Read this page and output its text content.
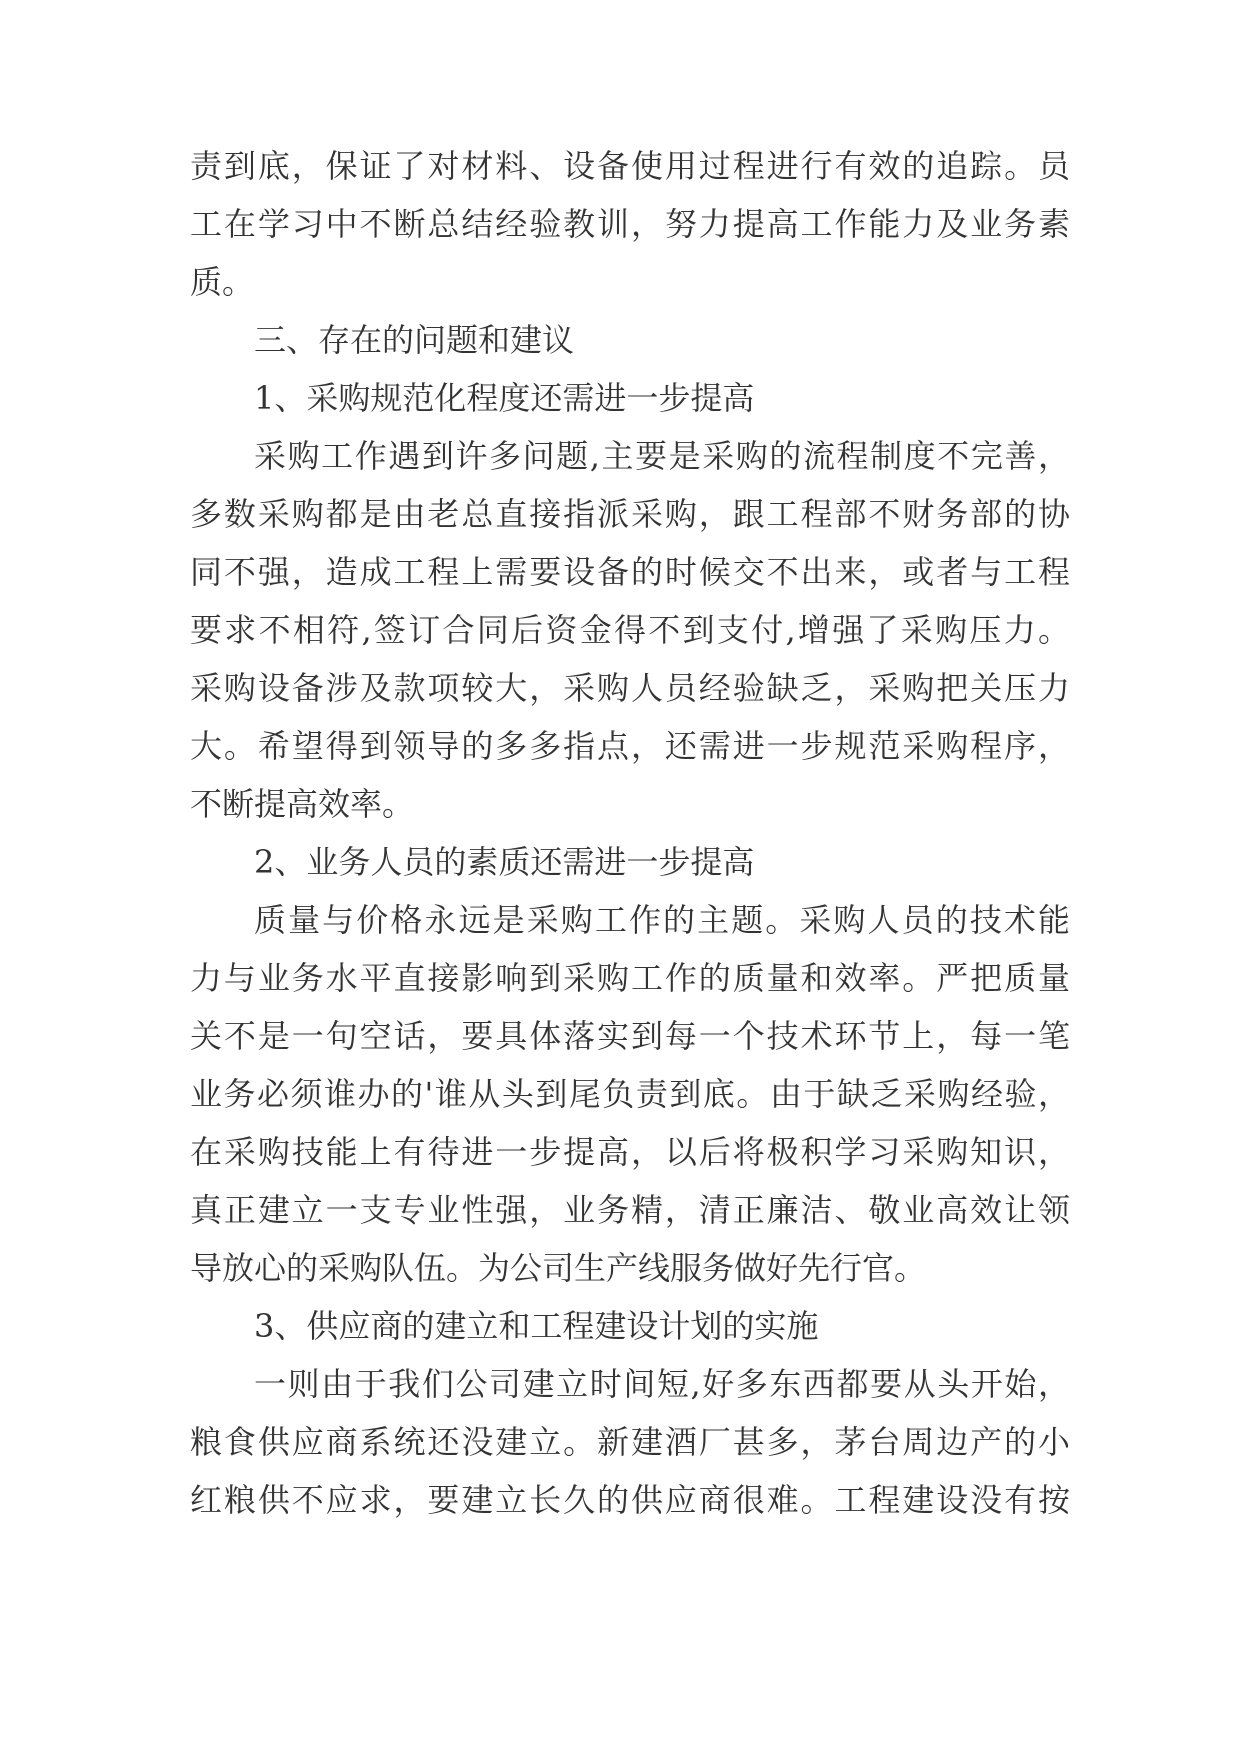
责到底，保证了对材料、设备使用过程进行有效的追踪。员
工在学习中不断总结经验教训，努力提高工作能力及业务素
质。
三、存在的问题和建议
1、采购规范化程度还需进一步提高
采购工作遇到许多问题,主要是采购的流程制度不完善，
多数采购都是由老总直接指派采购，跟工程部不财务部的协
同不强，造成工程上需要设备的时候交不出来，或者与工程
要求不相符,签订合同后资金得不到支付,增强了采购压力。
采购设备涉及款项较大，采购人员经验缺乏，采购把关压力
大。希望得到领导的多多指点，还需进一步规范采购程序，
不断提高效率。
2、业务人员的素质还需进一步提高
质量与价格永远是采购工作的主题。采购人员的技术能
力与业务水平直接影响到采购工作的质量和效率。严把质量
关不是一句空话，要具体落实到每一个技术环节上，每一笔
业务必须谁办的'谁从头到尾负责到底。由于缺乏采购经验，
在采购技能上有待进一步提高，以后将极积学习采购知识，
真正建立一支专业性强，业务精，清正廉洁、敬业高效让领
导放心的采购队伍。为公司生产线服务做好先行官。
3、供应商的建立和工程建设计划的实施
一则由于我们公司建立时间短,好多东西都要从头开始，
粮食供应商系统还没建立。新建酒厂甚多，茅台周边产的小
红粮供不应求，要建立长久的供应商很难。工程建设没有按
